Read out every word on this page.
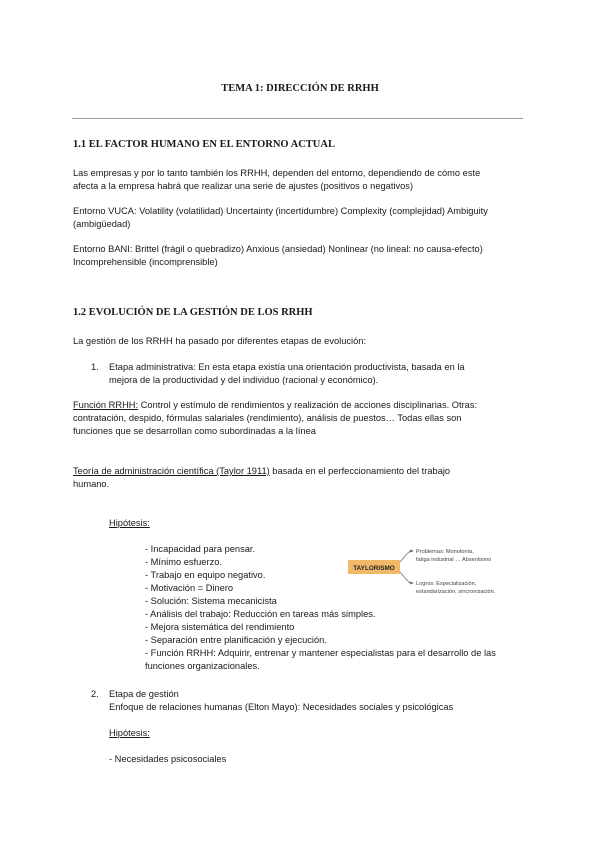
TEMA 1: DIRECCIÓN DE RRHH

1.1 EL FACTOR HUMANO EN EL ENTORNO ACTUAL

Las empresas y por lo tanto también los RRHH, dependen del entorno, dependiendo de cómo este

afecta a la empresa habrá que realizar una serie de ajustes (positivos o negativos)

Entorno VUCA: Volatility (volatilidad) Uncertainty (incertidumbre) Complexity (complejidad) Ambiguity

(ambigüedad)

Entorno BANI: Brittel (frágil o quebradizo) Anxious (ansiedad) Nonlinear (no lineal: no causa-efecto)

Incomprehensible (incomprensible)

1.2 EVOLUCIÓN DE LA GESTIÓN DE LOS RRHH

La gestión de los RRHH ha pasado por diferentes etapas de evolución:

1. Etapa administrativa: En esta etapa existía una orientación productivista, basada en la

mejora de la productividad y del individuo (racional y económico).

Función RRHH: Control y estímulo de rendimientos y realización de acciones disciplinarias. Otras:

contratación, despido, fórmulas salariales (rendimiento), análisis de puestos… Todas ellas son

funciones que se desarrollan como subordinadas a la línea

Teoría de administración científica (Taylor 1911) basada en el perfeccionamiento del trabajo

humano.

Hipótesis:

- Incapacidad para pensar.

- Mínimo esfuerzo.

- Trabajo en equipo negativo.

- Motivación = Dinero

- Solución: Sistema mecanicista

- Análisis del trabajo: Reducción en tareas más simples.

- Mejora sistemática del rendimiento

- Separación entre planificación y ejecución.

- Función RRHH: Adquirir, entrenar y mantener especialistas para el desarrollo de las

funciones organizacionales.

TAYLORISMO
Problemas: Monotonía,
fatiga industrial … Absentismo
Logros: Especialización,
estandarización, sincronización.
2. Etapa de gestión

Enfoque de relaciones humanas (Elton Mayo): Necesidades sociales y psicológicas

Hipótesis:

- Necesidades psicosociales
